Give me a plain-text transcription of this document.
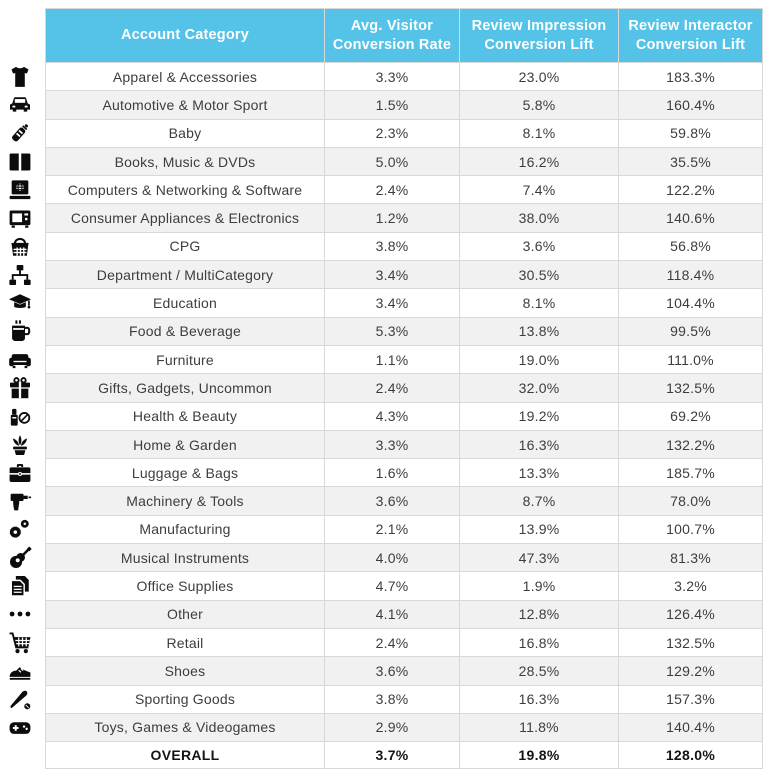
Account Category	Avg. Visitor Conversion Rate	Review Impression Conversion Lift	Review Interactor Conversion Lift
Apparel & Accessories	3.3%	23.0%	183.3%
Automotive & Motor Sport	1.5%	5.8%	160.4%
Baby	2.3%	8.1%	59.8%
Books, Music & DVDs	5.0%	16.2%	35.5%
Computers & Networking & Software	2.4%	7.4%	122.2%
Consumer Appliances & Electronics	1.2%	38.0%	140.6%
CPG	3.8%	3.6%	56.8%
Department / MultiCategory	3.4%	30.5%	118.4%
Education	3.4%	8.1%	104.4%
Food & Beverage	5.3%	13.8%	99.5%
Furniture	1.1%	19.0%	111.0%
Gifts, Gadgets, Uncommon	2.4%	32.0%	132.5%
Health & Beauty	4.3%	19.2%	69.2%
Home & Garden	3.3%	16.3%	132.2%
Luggage & Bags	1.6%	13.3%	185.7%
Machinery & Tools	3.6%	8.7%	78.0%
Manufacturing	2.1%	13.9%	100.7%
Musical Instruments	4.0%	47.3%	81.3%
Office Supplies	4.7%	1.9%	3.2%
Other	4.1%	12.8%	126.4%
Retail	2.4%	16.8%	132.5%
Shoes	3.6%	28.5%	129.2%
Sporting Goods	3.8%	16.3%	157.3%
Toys, Games & Videogames	2.9%	11.8%	140.4%
OVERALL	3.7%	19.8%	128.0%
